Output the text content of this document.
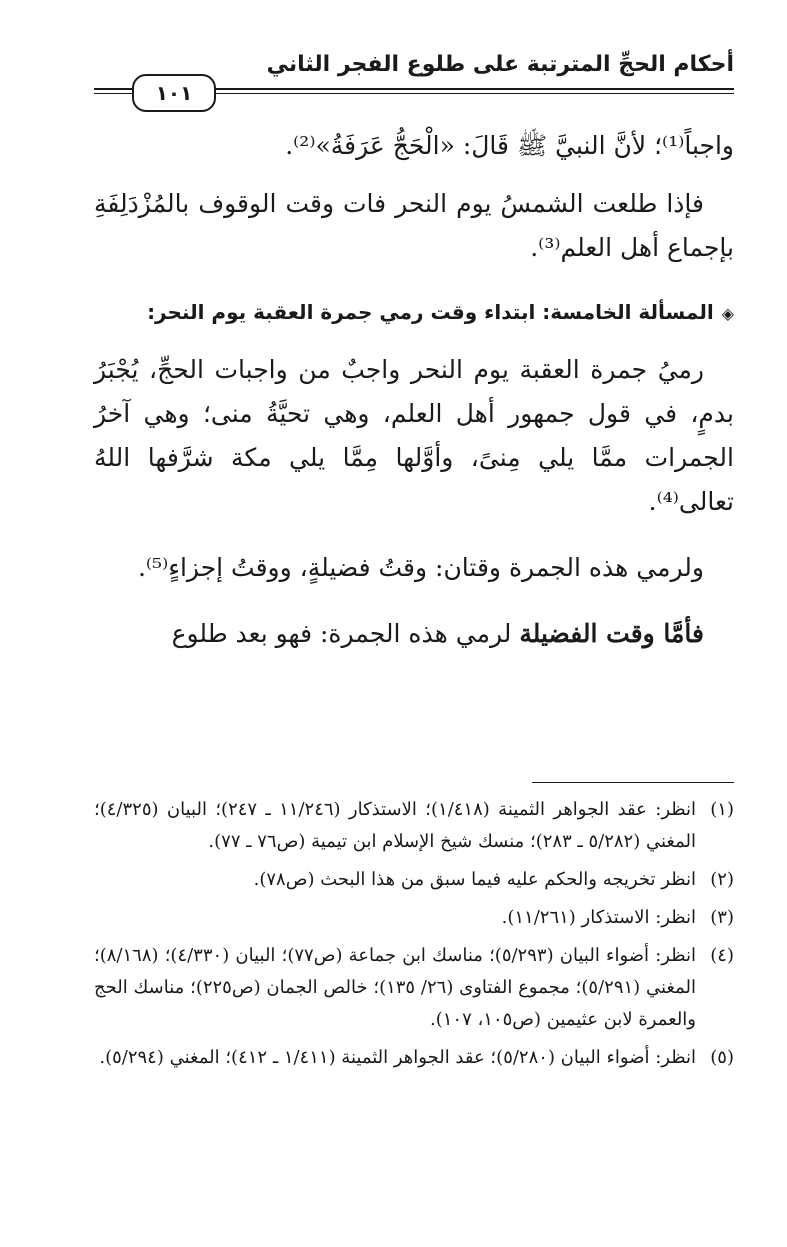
أحكام الحجِّ المترتبة على طلوع الفجر الثاني
١٠١

واجباً⁽¹⁾؛ لأنَّ النبيَّ ﷺ قَالَ: «الْحَجُّ عَرَفَةُ»⁽²⁾.

فإذا طلعت الشمسُ يوم النحر فات وقت الوقوف بالمُزْدَلِفَةِ بإجماع أهل العلم⁽³⁾.

◈المسألة الخامسة: ابتداء وقت رمي جمرة العقبة يوم النحر:

رميُ جمرة العقبة يوم النحر واجبٌ من واجبات الحجِّ، يُجْبَرُ بدمٍ، في قول جمهور أهل العلم، وهي تحيَّةُ منى؛ وهي آخرُ الجمرات ممَّا يلي مِنىً، وأوَّلها مِمَّا يلي مكة شرَّفها اللهُ تعالى⁽⁴⁾.

ولرمي هذه الجمرة وقتان: وقتُ فضيلةٍ، ووقتُ إجزاءٍ⁽⁵⁾.

فأمَّا وقت الفضيلة لرمي هذه الجمرة: فهو بعد طلوع

(١)
انظر: عقد الجواهر الثمينة (١/٤١٨)؛ الاستذكار (١١/٢٤٦ ـ ٢٤٧)؛ البيان (٤/٣٢٥)؛ المغني (٥/٢٨٢ ـ ٢٨٣)؛ منسك شيخ الإسلام ابن تيمية (ص٧٦ ـ ٧٧).
(٢)
انظر تخريجه والحكم عليه فيما سبق من هذا البحث (ص٧٨).
(٣)
انظر: الاستذكار (١١/٢٦١).
(٤)
انظر: أضواء البيان (٥/٢٩٣)؛ مناسك ابن جماعة (ص٧٧)؛ البيان (٤/٣٣٠)؛ (٨/١٦٨)؛ المغني (٥/٢٩١)؛ مجموع الفتاوى (٢٦/ ١٣٥)؛ خالص الجمان (ص٢٢٥)؛ مناسك الحج والعمرة لابن عثيمين (ص١٠٥، ١٠٧).
(٥)
انظر: أضواء البيان (٥/٢٨٠)؛ عقد الجواهر الثمينة (١/٤١١ ـ ٤١٢)؛ المغني (٥/٢٩٤).
